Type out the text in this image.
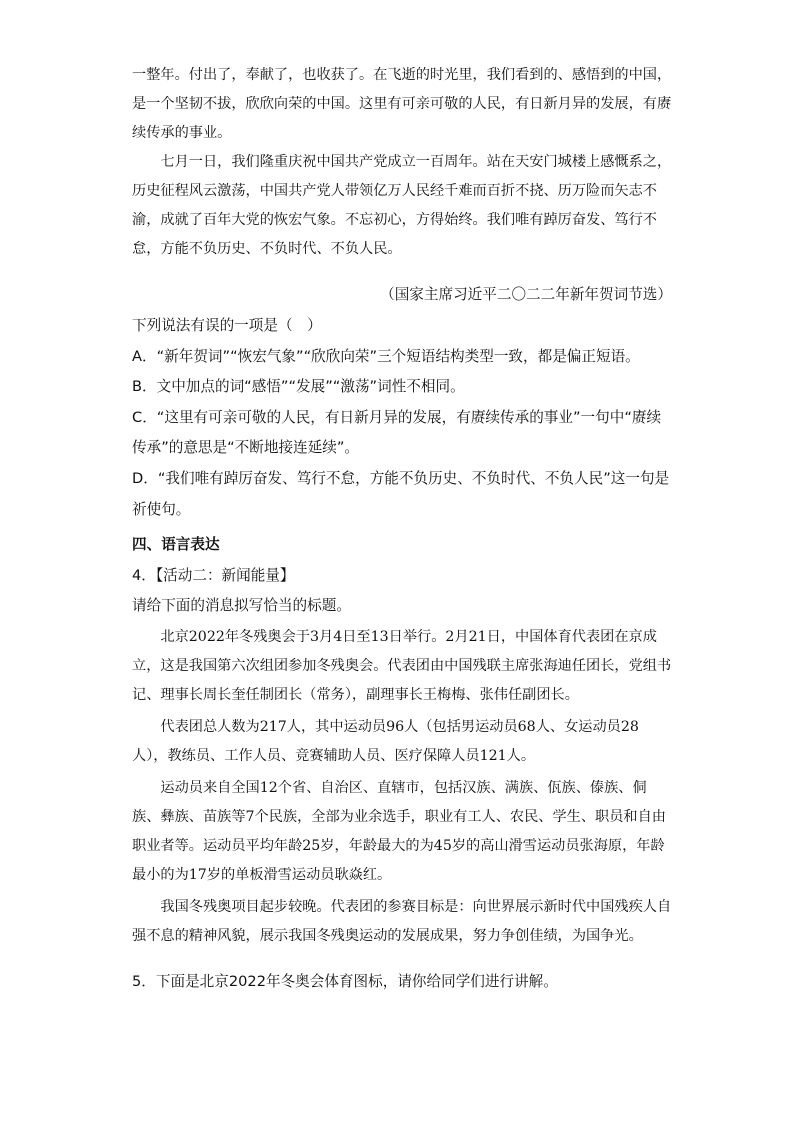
一整年。付出了，奉献了，也收获了。在飞逝的时光里，我们看到的、感悟到的中国，是一个坚韧不拔，欣欣向荣的中国。这里有可亲可敬的人民，有日新月异的发展，有赓续传承的事业。

七月一日，我们隆重庆祝中国共产党成立一百周年。站在天安门城楼上感慨系之，历史征程风云激荡，中国共产党人带领亿万人民经千难而百折不挠、历万险而矢志不渝，成就了百年大党的恢宏气象。不忘初心，方得始终。我们唯有踔厉奋发、笃行不怠，方能不负历史、不负时代、不负人民。

（国家主席习近平二〇二二年新年贺词节选）

下列说法有误的一项是（　）

A．“新年贺词”“恢宏气象”“欣欣向荣”三个短语结构类型一致，都是偏正短语。

B．文中加点的词“感悟”“发展”“激荡”词性不相同。

C．“这里有可亲可敬的人民，有日新月异的发展，有赓续传承的事业”一句中“赓续传承”的意思是“不断地接连延续”。

D．“我们唯有踔厉奋发、笃行不怠，方能不负历史、不负时代、不负人民”这一句是祈使句。

四、语言表达

4．【活动二：新闻能量】

请给下面的消息拟写恰当的标题。

北京2022年冬残奥会于3月4日至13日举行。2月21日，中国体育代表团在京成立，这是我国第六次组团参加冬残奥会。代表团由中国残联主席张海迪任团长，党组书记、理事长周长奎任制团长（常务），副理事长王梅梅、张伟任副团长。

代表团总人数为217人，其中运动员96人（包括男运动员68人、女运动员28人），教练员、工作人员、竞赛辅助人员、医疗保障人员121人。

运动员来自全国12个省、自治区、直辖市，包括汉族、满族、佤族、傣族、侗族、彝族、苗族等7个民族，全部为业余选手，职业有工人、农民、学生、职员和自由职业者等。运动员平均年龄25岁，年龄最大的为45岁的高山滑雪运动员张海原，年龄最小的为17岁的单板滑雪运动员耿焱红。

我国冬残奥项目起步较晚。代表团的参赛目标是：向世界展示新时代中国残疾人自强不息的精神风貌，展示我国冬残奥运动的发展成果，努力争创佳绩，为国争光。

5．下面是北京2022年冬奥会体育图标，请你给同学们进行讲解。
